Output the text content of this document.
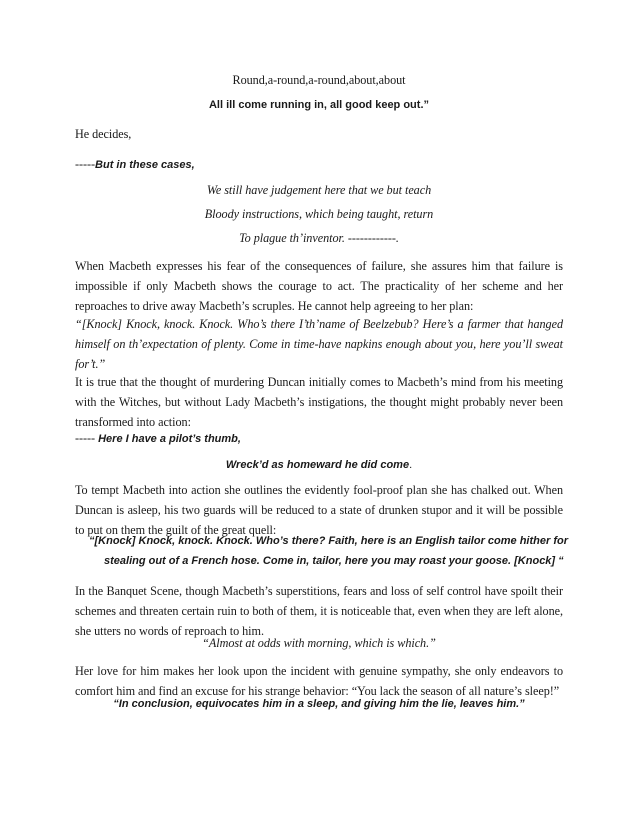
Round,a-round,a-round,about,about

All ill come running in, all good keep out.”

He decides,

-----But in these cases,

We still have judgement here that we but teach

Bloody instructions, which being taught, return

To plague th’inventor. ------------.

When Macbeth expresses his fear of the consequences of failure, she assures him that failure is impossible if only Macbeth shows the courage to act. The practicality of her scheme and her reproaches to drive away Macbeth’s scruples. He cannot help agreeing to her plan:

“[Knock] Knock, knock. Knock. Who’s there I’th’name of Beelzebub? Here’s a farmer that hanged himself on th’expectation of plenty. Come in time-have napkins enough about you, here you’ll sweat for’t.”

It is true that the thought of murdering Duncan initially comes to Macbeth’s mind from his meeting with the Witches, but without Lady Macbeth’s instigations, the thought might probably never been transformed into action:

----- Here I have a pilot’s thumb,

Wreck’d as homeward he did come.

To tempt Macbeth into action she outlines the evidently fool-proof plan she has chalked out. When Duncan is asleep, his two guards will be reduced to a state of drunken stupor and it will be possible to put on them the guilt of the great quell:

“[Knock] Knock, knock. Knock. Who’s there? Faith, here is an English tailor come hither for

stealing out of a French hose. Come in, tailor, here you may roast your goose. [Knock] “

In the Banquet Scene, though Macbeth’s superstitions, fears and loss of self control have spoilt their schemes and threaten certain ruin to both of them, it is noticeable that, even when they are left alone, she utters no words of reproach to him.

“Almost at odds with morning, which is which.”

Her love for him makes her look upon the incident with genuine sympathy, she only endeavors to comfort him and find an excuse for his strange behavior: “You lack the season of all nature’s sleep!”

“In conclusion, equivocates him in a sleep, and giving him the lie, leaves him.”
